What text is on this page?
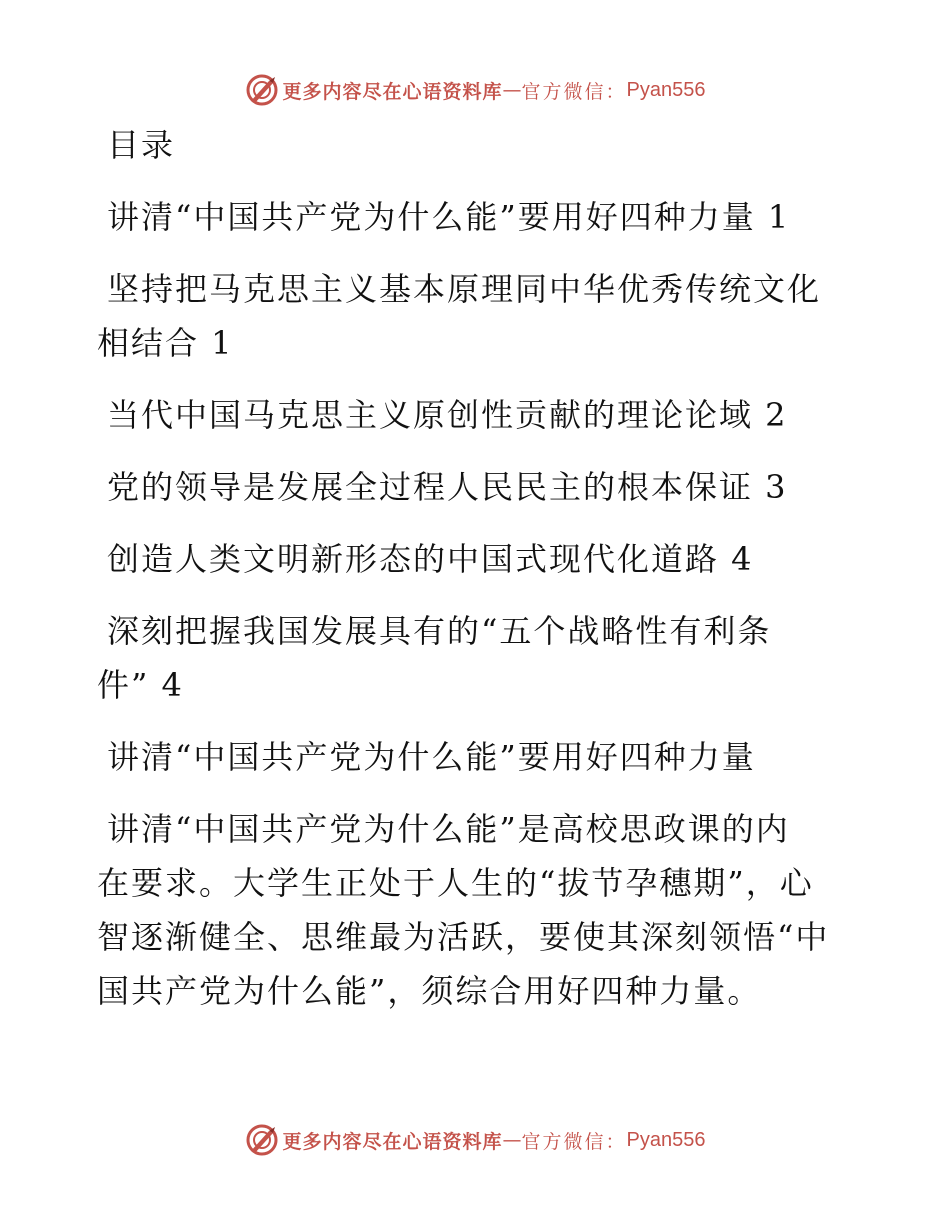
更多内容尽在心语资料库 — 官方微信： Pyan556
目录
讲清“中国共产党为什么能”要用好四种力量 1
坚持把马克思主义基本原理同中华优秀传统文化
相结合 1
当代中国马克思主义原创性贡献的理论论域 2
党的领导是发展全过程人民民主的根本保证 3
创造人类文明新形态的中国式现代化道路 4
深刻把握我国发展具有的“五个战略性有利条
件” 4
讲清“中国共产党为什么能”要用好四种力量
讲清“中国共产党为什么能”是高校思政课的内
在要求。大学生正处于人生的“拔节孕穗期”，心
智逐渐健全、思维最为活跃，要使其深刻领悟“中
国共产党为什么能”，须综合用好四种力量。
更多内容尽在心语资料库 — 官方微信： Pyan556
